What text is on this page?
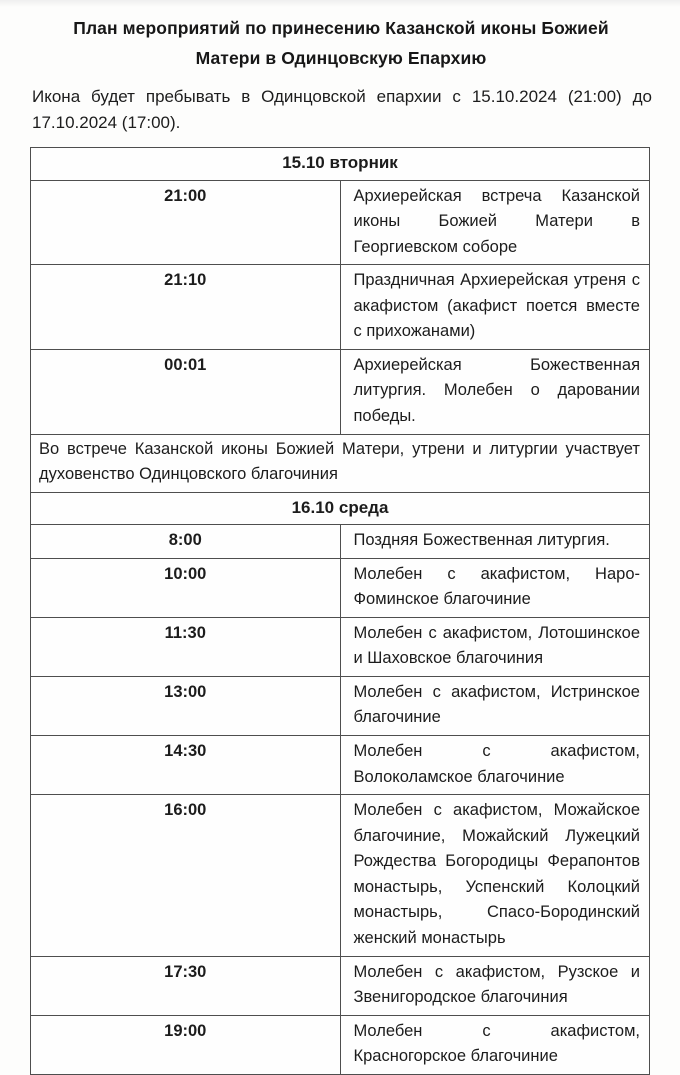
План мероприятий по принесению Казанской иконы Божией Матери в Одинцовскую Епархию

Икона будет пребывать в Одинцовской епархии с 15.10.2024 (21:00) до 17.10.2024 (17:00).

15.10 вторник	
21:00	Архиерейская встреча Казанской иконы Божией Матери в Георгиевском соборе
21:10	Праздничная Архиерейская утреня с акафистом (акафист поется вместе с прихожанами)
00:01	Архиерейская Божественная литургия. Молебен о даровании победы.
Во встрече Казанской иконы Божией Матери, утрени и литургии участвует духовенство Одинцовского благочиния	
16.10 среда	
8:00	Поздняя Божественная литургия.
10:00	Молебен с акафистом, Наро-Фоминское благочиние
11:30	Молебен с акафистом, Лотошинское и Шаховское благочиния
13:00	Молебен с акафистом, Истринское благочиние
14:30	Молебен с акафистом, Волоколамское благочиние
16:00	Молебен с акафистом, Можайское благочиние, Можайский Лужецкий Рождества Богородицы Ферапонтов монастырь, Успенский Колоцкий монастырь, Спасо-Бородинский женский монастырь
17:30	Молебен с акафистом, Рузское и Звенигородское благочиния
19:00	Молебен с акафистом, Красногорское благочиние
